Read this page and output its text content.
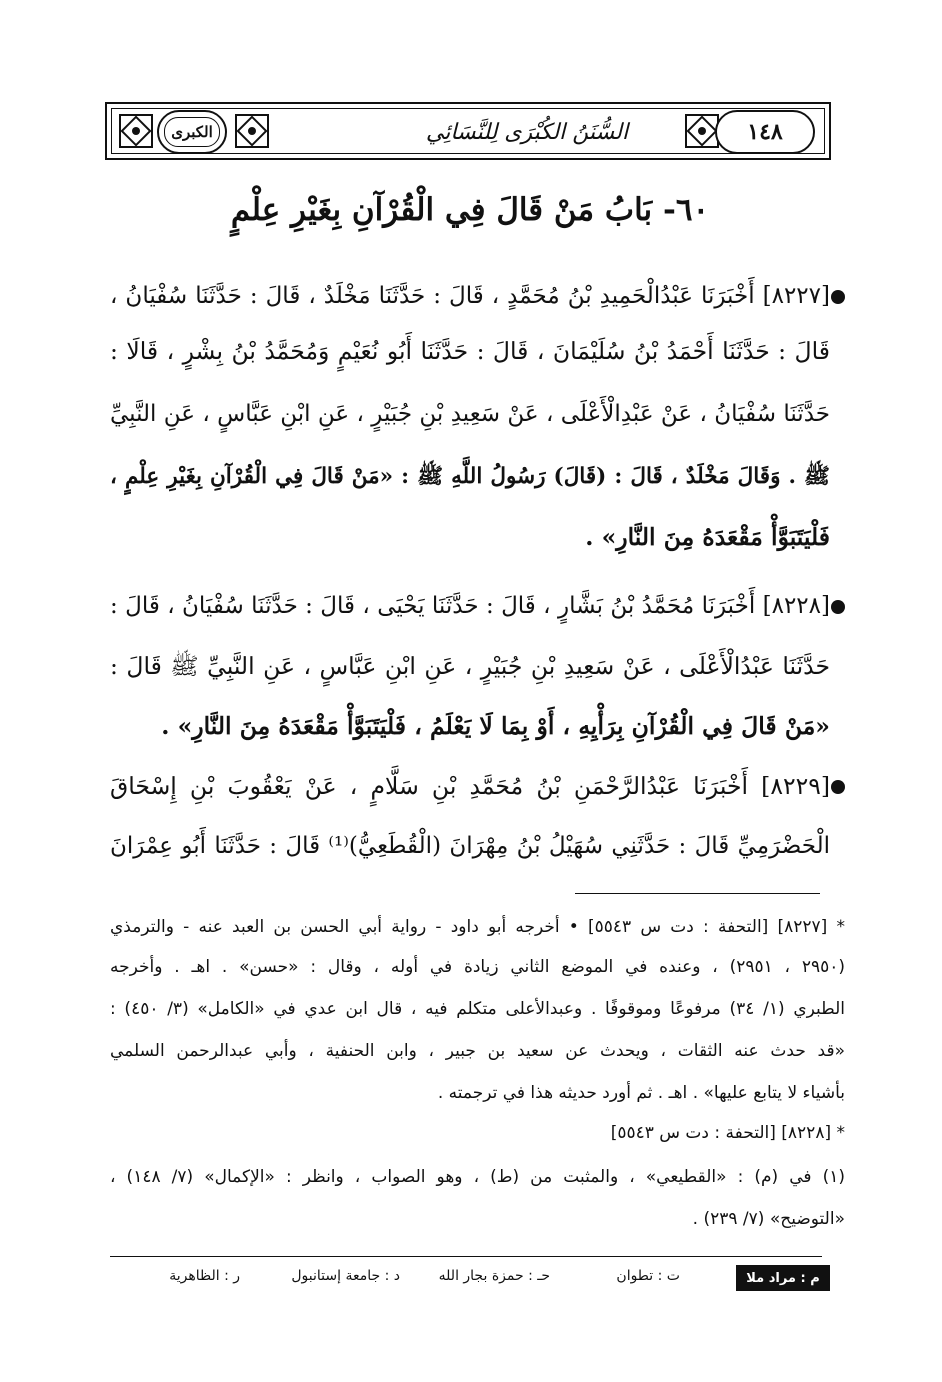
الكبرى	السُّنَنُ الكُبْرَى لِلنَّسَائِي	١٤٨
٦٠- بَابُ مَنْ قَالَ فِي الْقُرْآنِ بِغَيْرِ عِلْمٍ
[٨٢٢٧] أَخْبَرَنَا عَبْدُالْحَمِيدِ بْنُ مُحَمَّدٍ ، قَالَ : حَدَّثَنَا مَخْلَدٌ ، قَالَ : حَدَّثَنَا سُفْيَانُ ،
قَالَ : حَدَّثَنَا أَحْمَدُ بْنُ سُلَيْمَانَ ، قَالَ : حَدَّثَنَا أَبُو نُعَيْمٍ وَمُحَمَّدُ بْنُ بِشْرٍ ، قَالَا :
حَدَّثَنَا سُفْيَانُ ، عَنْ عَبْدِالْأَعْلَى ، عَنْ سَعِيدِ بْنِ جُبَيْرٍ ، عَنِ ابْنِ عَبَّاسٍ ، عَنِ النَّبِيِّ
ﷺ . وَقَالَ مَخْلَدٌ ، قَالَ : (قَالَ) رَسُولُ اللَّهِ ﷺ : «مَنْ قَالَ فِي الْقُرْآنِ بِغَيْرِ عِلْمٍ ،
فَلْيَتَبَوَّأْ مَقْعَدَهُ مِنَ النَّارِ» .
[٨٢٢٨] أَخْبَرَنَا مُحَمَّدُ بْنُ بَشَّارٍ ، قَالَ : حَدَّثَنَا يَحْيَى ، قَالَ : حَدَّثَنَا سُفْيَانُ ، قَالَ :
حَدَّثَنَا عَبْدُالْأَعْلَى ، عَنْ سَعِيدِ بْنِ جُبَيْرٍ ، عَنِ ابْنِ عَبَّاسٍ ، عَنِ النَّبِيِّ ﷺ قَالَ :
«مَنْ قَالَ فِي الْقُرْآنِ بِرَأْيِهِ ، أَوْ بِمَا لَا يَعْلَمُ ، فَلْيَتَبَوَّأْ مَقْعَدَهُ مِنَ النَّارِ» .
[٨٢٢٩] أَخْبَرَنَا عَبْدُالرَّحْمَنِ بْنُ مُحَمَّدِ بْنِ سَلَّامٍ ، عَنْ يَعْقُوبَ بْنِ إِسْحَاقَ
الْحَضْرَمِيِّ قَالَ : حَدَّثَنِي سُهَيْلُ بْنُ مِهْرَانَ (الْقُطَعِيُّ)⁽¹⁾ قَالَ : حَدَّثَنَا أَبُو عِمْرَانَ
* [٨٢٢٧] [التحفة : دت س ٥٥٤٣] • أخرجه أبو داود - رواية أبي الحسن بن العبد عنه - والترمذي
(٢٩٥٠ ، ٢٩٥١) ، وعنده في الموضع الثاني زيادة في أوله ، وقال : «حسن» . اهـ . وأخرجه
الطبري (١/ ٣٤) مرفوعًا وموقوفًا . وعبدالأعلى متكلم فيه ، قال ابن عدي في «الكامل» (٣/ ٤٥٠) :
«قد حدث عنه الثقات ، ويحدث عن سعيد بن جبير ، وابن الحنفية ، وأبي عبدالرحمن السلمي
بأشياء لا يتابع عليها» . اهـ . ثم أورد حديثه هذا في ترجمته .
* [٨٢٢٨] [التحفة : دت س ٥٥٤٣]
(١) في (م) : «القطيعي» ، والمثبت من (ط) ، وهو الصواب ، وانظر : «الإكمال» (٧/ ١٤٨) ،
«التوضيح» (٧/ ٢٣٩) .
م : مراد ملا
ت : تطوان
حـ : حمزة بجار الله
د : جامعة إستانبول
ر : الظاهرية
